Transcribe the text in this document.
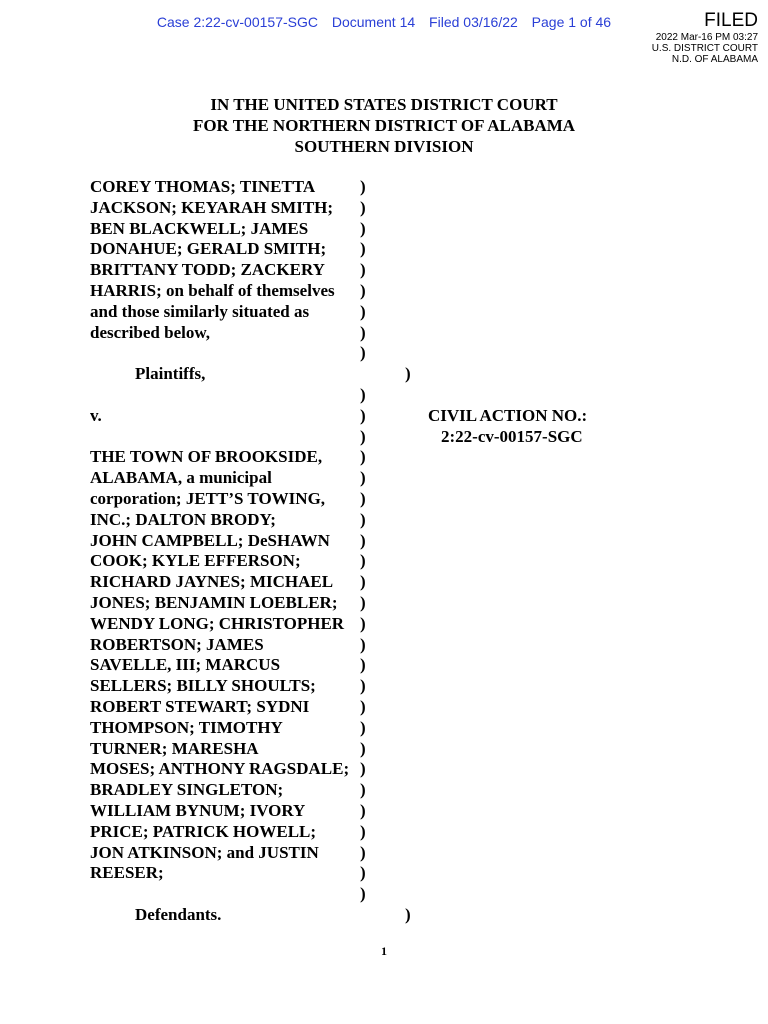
Case 2:22-cv-00157-SGC Document 14 Filed 03/16/22 Page 1 of 46	FILED
2022 Mar-16 PM 03:27
U.S. DISTRICT COURT
N.D. OF ALABAMA
IN THE UNITED STATES DISTRICT COURT
FOR THE NORTHERN DISTRICT OF ALABAMA
SOUTHERN DIVISION
COREY THOMAS; TINETTA	)
JACKSON; KEYARAH SMITH;	)
BEN BLACKWELL; JAMES	)
DONAHUE; GERALD SMITH;	)
BRITTANY TODD; ZACKERY	)
HARRIS; on behalf of themselves	)
and those similarly situated as	)
described below,	)
)
Plaintiffs,	)
)
v.	)
)
THE TOWN OF BROOKSIDE,	)
ALABAMA, a municipal	)
corporation; JETT’S TOWING,	)
INC.; DALTON BRODY;	)
JOHN CAMPBELL; DeSHAWN	)
COOK; KYLE EFFERSON;	)
RICHARD JAYNES; MICHAEL	)
JONES; BENJAMIN LOEBLER;	)
WENDY LONG; CHRISTOPHER )
ROBERTSON; JAMES	)
SAVELLE, III; MARCUS	)
SELLERS; BILLY SHOULTS;	)
ROBERT STEWART; SYDNI	)
THOMPSON; TIMOTHY	)
TURNER; MARESHA	)
MOSES; ANTHONY RAGSDALE; )
BRADLEY SINGLETON;	)
WILLIAM BYNUM; IVORY	)
PRICE; PATRICK HOWELL;	)
JON ATKINSON; and JUSTIN	)
REESER;	)
)
Defendants.	)
CIVIL ACTION NO.:
2:22-cv-00157-SGC
1
